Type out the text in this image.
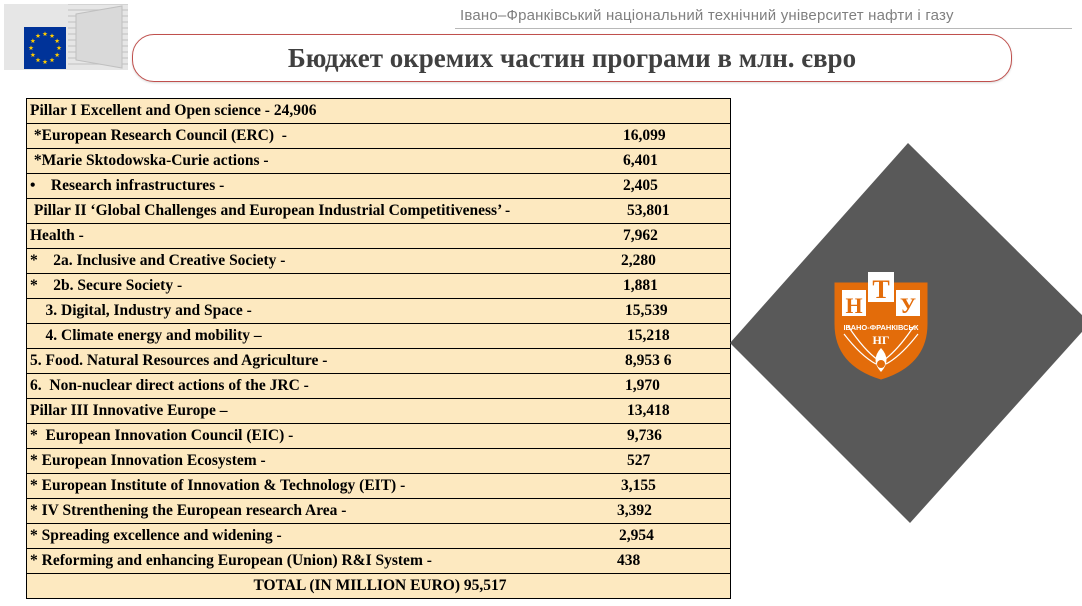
Івано–Франківський національний технічний університет нафти і газу
Бюджет окремих частин програми в млн. євро
Pillar I Excellent and Open science - 24,906

*European Research Council (ERC)  -	16,099

*Marie Sktodowska-Curie actions -	6,401

•    Research infrastructures -	2,405

Pillar II ‘Global Challenges and European Industrial Competitiveness’ -	53,801

Health -	7,962

*    2a. Inclusive and Creative Society -	2,280

*    2b. Secure Society -	1,881

3. Digital, Industry and Space -	15,539

4. Climate energy and mobility –	15,218

5. Food. Natural Resources and Agriculture -	8,953 6

6.  Non-nuclear direct actions of the JRC -	1,970

Pillar III Innovative Europe –	13,418

*  European Innovation Council (EIC) -	9,736

* European Innovation Ecosystem -	527

* European Institute of Innovation & Technology (EIT) -	3,155

* IV Strenthening the European research Area -	3,392

* Spreading excellence and widening -	2,954

* Reforming and enhancing European (Union) R&I System -	438

TOTAL (IN MILLION EURO) 95,517
Т
Н У
ІВАНО-ФРАНКІВСЬК
НГ
